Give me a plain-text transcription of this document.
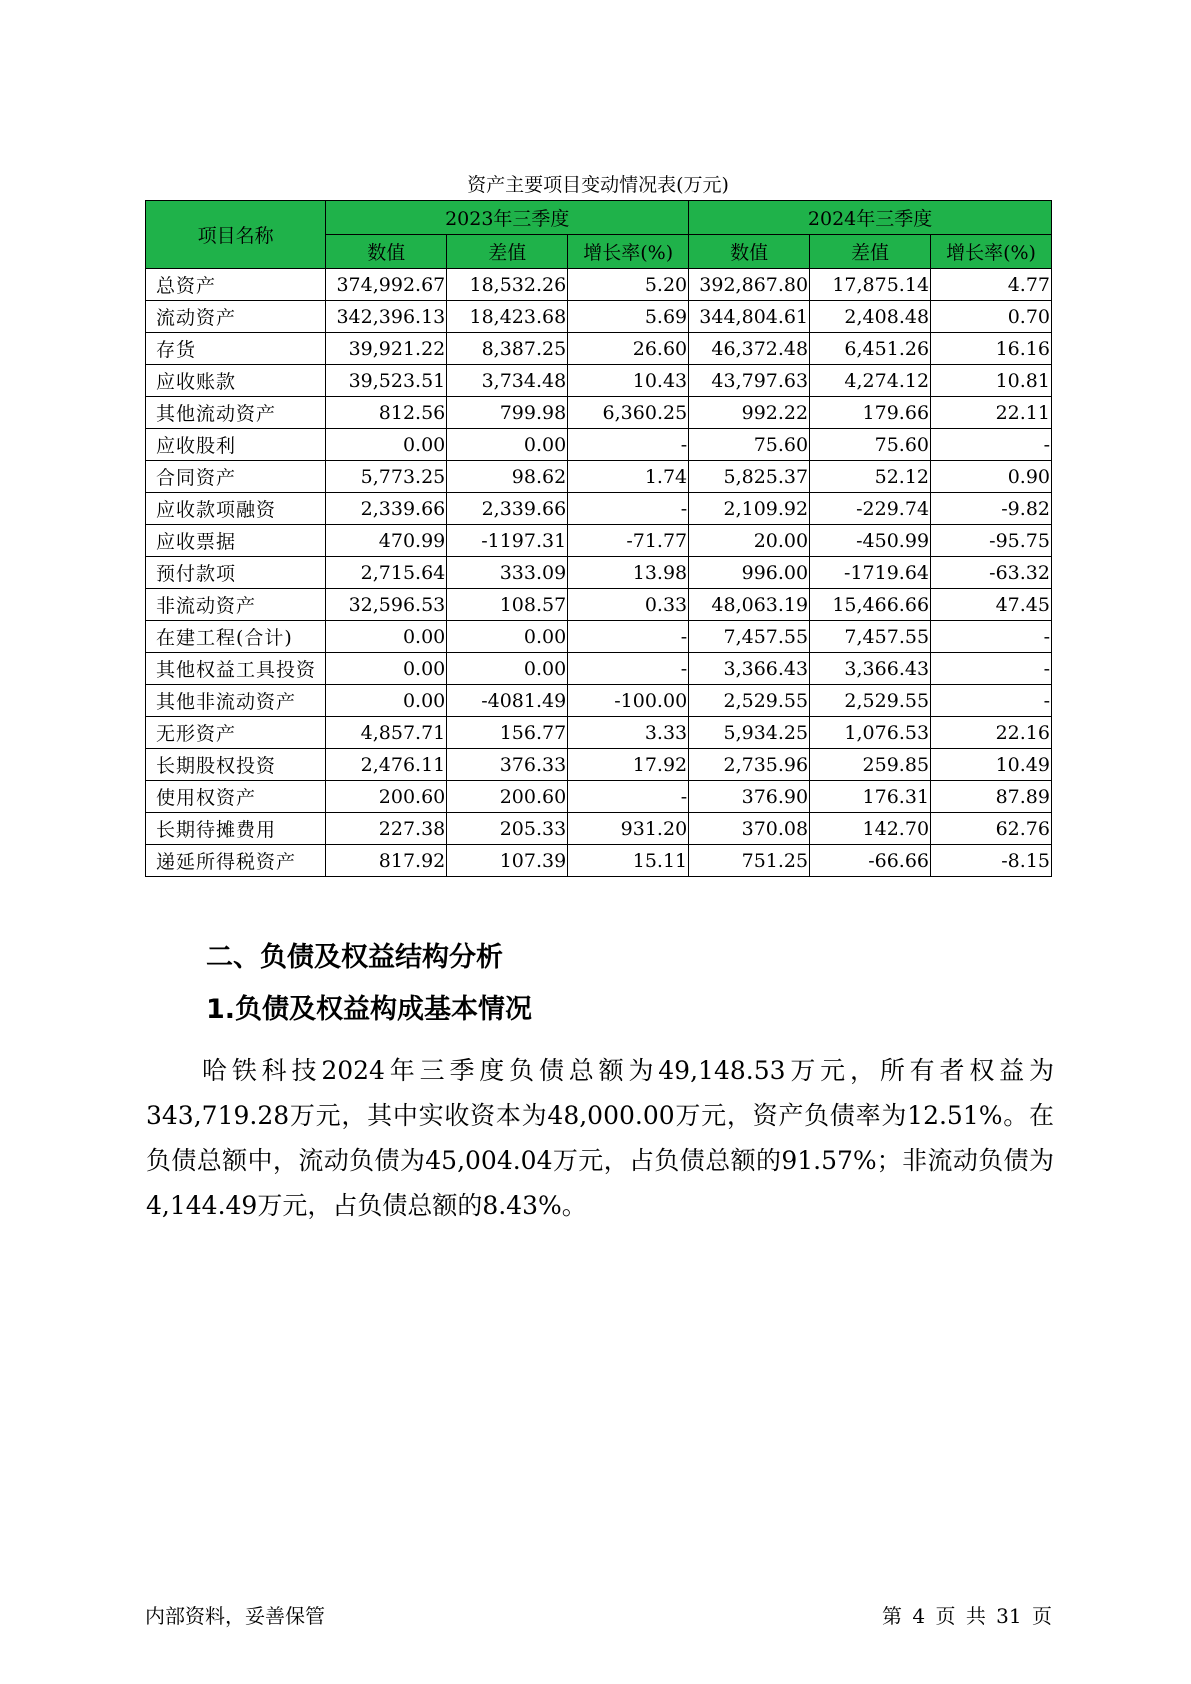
资产主要项目变动情况表(万元)
项目名称	2023年三季度			2024年三季度		
	数值	差值	增长率(%)	数值	差值	增长率(%)
总资产	374,992.67	18,532.26	5.20	392,867.80	17,875.14	4.77
流动资产	342,396.13	18,423.68	5.69	344,804.61	2,408.48	0.70
存货	39,921.22	8,387.25	26.60	46,372.48	6,451.26	16.16
应收账款	39,523.51	3,734.48	10.43	43,797.63	4,274.12	10.81
其他流动资产	812.56	799.98	6,360.25	992.22	179.66	22.11
应收股利	0.00	0.00	-	75.60	75.60	-
合同资产	5,773.25	98.62	1.74	5,825.37	52.12	0.90
应收款项融资	2,339.66	2,339.66	-	2,109.92	-229.74	-9.82
应收票据	470.99	-1197.31	-71.77	20.00	-450.99	-95.75
预付款项	2,715.64	333.09	13.98	996.00	-1719.64	-63.32
非流动资产	32,596.53	108.57	0.33	48,063.19	15,466.66	47.45
在建工程(合计)	0.00	0.00	-	7,457.55	7,457.55	-
其他权益工具投资	0.00	0.00	-	3,366.43	3,366.43	-
其他非流动资产	0.00	-4081.49	-100.00	2,529.55	2,529.55	-
无形资产	4,857.71	156.77	3.33	5,934.25	1,076.53	22.16
长期股权投资	2,476.11	376.33	17.92	2,735.96	259.85	10.49
使用权资产	200.60	200.60	-	376.90	176.31	87.89
长期待摊费用	227.38	205.33	931.20	370.08	142.70	62.76
递延所得税资产	817.92	107.39	15.11	751.25	-66.66	-8.15
二、负债及权益结构分析
1.负债及权益构成基本情况

哈铁科技2024年三季度负债总额为49,148.53万元，所有者权益为343,719.28万元，其中实收资本为48,000.00万元，资产负债率为12.51%。在负债总额中，流动负债为45,004.04万元，占负债总额的91.57%；非流动负债为4,144.49万元，占负债总额的8.43%。

内部资料，妥善保管	第 4 页 共 31 页
